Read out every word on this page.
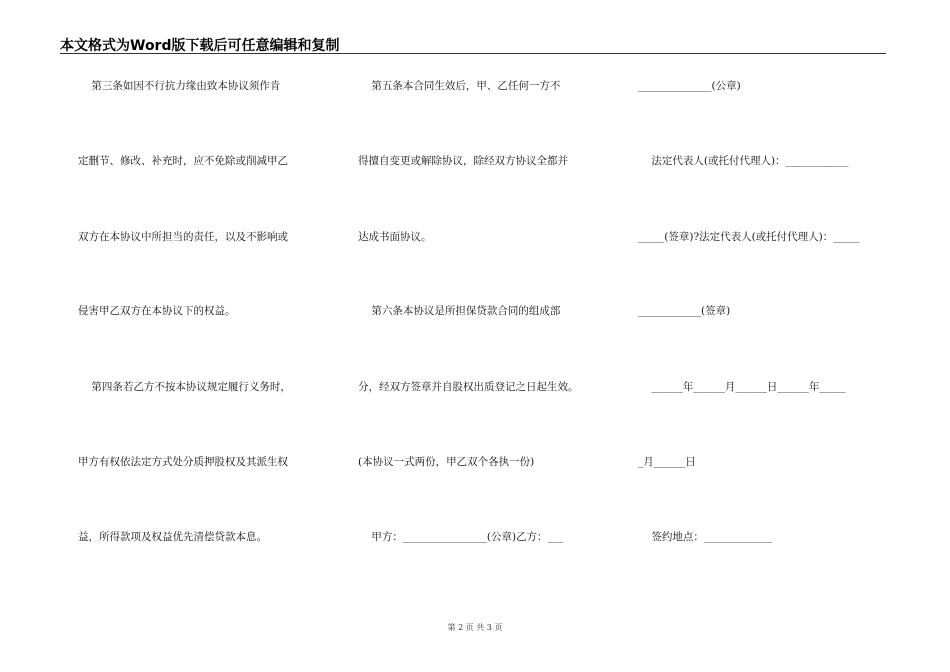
本文格式为Word版下载后可任意编辑和复制
第三条如因不行抗力缘由致本协议须作肯
定删节、修改、补充时，应不免除或削减甲乙
双方在本协议中所担当的责任，以及不影响或
侵害甲乙双方在本协议下的权益。
第四条若乙方不按本协议规定履行义务时，
甲方有权依法定方式处分质押股权及其派生权
益，所得款项及权益优先清偿贷款本息。
第五条本合同生效后，甲、乙任何一方不
得擅自变更或解除协议，除经双方协议全都并
达成书面协议。
第六条本协议是所担保贷款合同的组成部
分，经双方签章并自股权出质登记之日起生效。
(本协议一式两份，甲乙双个各执一份)
甲方：________________(公章)乙方：___
______________(公章)
法定代表人(或托付代理人)：____________
_____(签章)?法定代表人(或托付代理人)：_____
____________(签章)
______年______月______日______年_____
_月______日
签约地点：_____________
第 2 页 共 3 页
